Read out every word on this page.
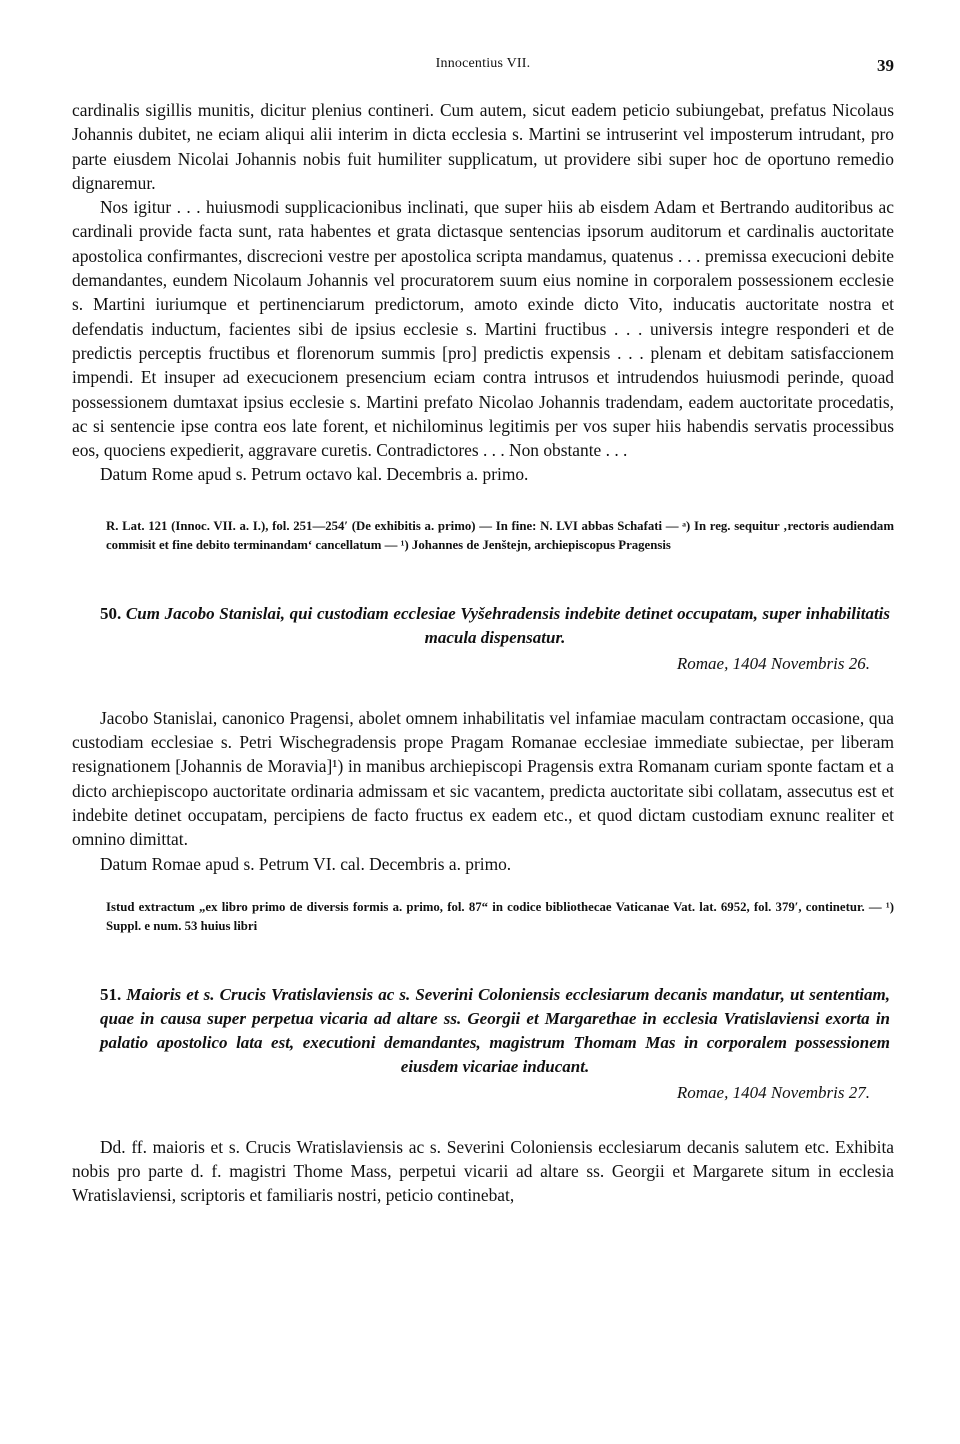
Innocentius VII.	39

cardinalis sigillis munitis, dicitur plenius contineri. Cum autem, sicut eadem peticio subiungebat, prefatus Nicolaus Johannis dubitet, ne eciam aliqui alii interim in dicta ecclesia s. Martini se intruserint vel imposterum intrudant, pro parte eiusdem Nicolai Johannis nobis fuit humiliter supplicatum, ut providere sibi super hoc de oportuno remedio dignaremur.

Nos igitur . . . huiusmodi supplicacionibus inclinati, que super hiis ab eisdem Adam et Bertrando auditoribus ac cardinali provide facta sunt, rata habentes et grata dictasque sentencias ipsorum auditorum et cardinalis auctoritate apostolica confirmantes, discrecioni vestre per apostolica scripta mandamus, quatenus . . . premissa execucioni debite demandantes, eundem Nicolaum Johannis vel procuratorem suum eius nomine in corporalem possessionem ecclesie s. Martini iuriumque et pertinenciarum predictorum, amoto exinde dicto Vito, inducatis auctoritate nostra et defendatis inductum, facientes sibi de ipsius ecclesie s. Martini fructibus . . . universis integre responderi et de predictis perceptis fructibus et florenorum summis [pro] predictis expensis . . . plenam et debitam satisfaccionem impendi. Et insuper ad execucionem presencium eciam contra intrusos et intrudendos huiusmodi perinde, quoad possessionem dumtaxat ipsius ecclesie s. Martini prefato Nicolao Johannis tradendam, eadem auctoritate procedatis, ac si sentencie ipse contra eos late forent, et nichilominus legitimis per vos super hiis habendis servatis processibus eos, quociens expedierit, aggravare curetis. Contradictores . . . Non obstante . . .

Datum Rome apud s. Petrum octavo kal. Decembris a. primo.

R. Lat. 121 (Innoc. VII. a. I.), fol. 251—254′ (De exhibitis a. primo) — In fine: N. LVI abbas Schafati — ᵃ) In reg. sequitur ‚rectoris audiendam commisit et fine debito terminandam‘ cancellatum — ¹) Johannes de Jenštejn, archiepiscopus Pragensis

50. Cum Jacobo Stanislai, qui custodiam ecclesiae Vyšehradensis indebite detinet occupatam, super inhabilitatis macula dispensatur.
Romae, 1404 Novembris 26.

Jacobo Stanislai, canonico Pragensi, abolet omnem inhabilitatis vel infamiae maculam contractam occasione, qua custodiam ecclesiae s. Petri Wischegradensis prope Pragam Romanae ecclesiae immediate subiectae, per liberam resignationem [Johannis de Moravia]¹) in manibus archiepiscopi Pragensis extra Romanam curiam sponte factam et a dicto archiepiscopo auctoritate ordinaria admissam et sic vacantem, predicta auctoritate sibi collatam, assecutus est et indebite detinet occupatam, percipiens de facto fructus ex eadem etc., et quod dictam custodiam exnunc realiter et omnino dimittat.

Datum Romae apud s. Petrum VI. cal. Decembris a. primo.

Istud extractum „ex libro primo de diversis formis a. primo, fol. 87“ in codice bibliothecae Vaticanae Vat. lat. 6952, fol. 379′, continetur. — ¹) Suppl. e num. 53 huius libri

51. Maioris et s. Crucis Vratislaviensis ac s. Severini Coloniensis ecclesiarum decanis mandatur, ut sententiam, quae in causa super perpetua vicaria ad altare ss. Georgii et Margarethae in ecclesia Vratislaviensi exorta in palatio apostolico lata est, executioni demandantes, magistrum Thomam Mas in corporalem possessionem eiusdem vicariae inducant.
Romae, 1404 Novembris 27.

Dd. ff. maioris et s. Crucis Wratislaviensis ac s. Severini Coloniensis ecclesiarum decanis salutem etc. Exhibita nobis pro parte d. f. magistri Thome Mass, perpetui vicarii ad altare ss. Georgii et Margarete situm in ecclesia Wratislaviensi, scriptoris et familiaris nostri, peticio continebat,
